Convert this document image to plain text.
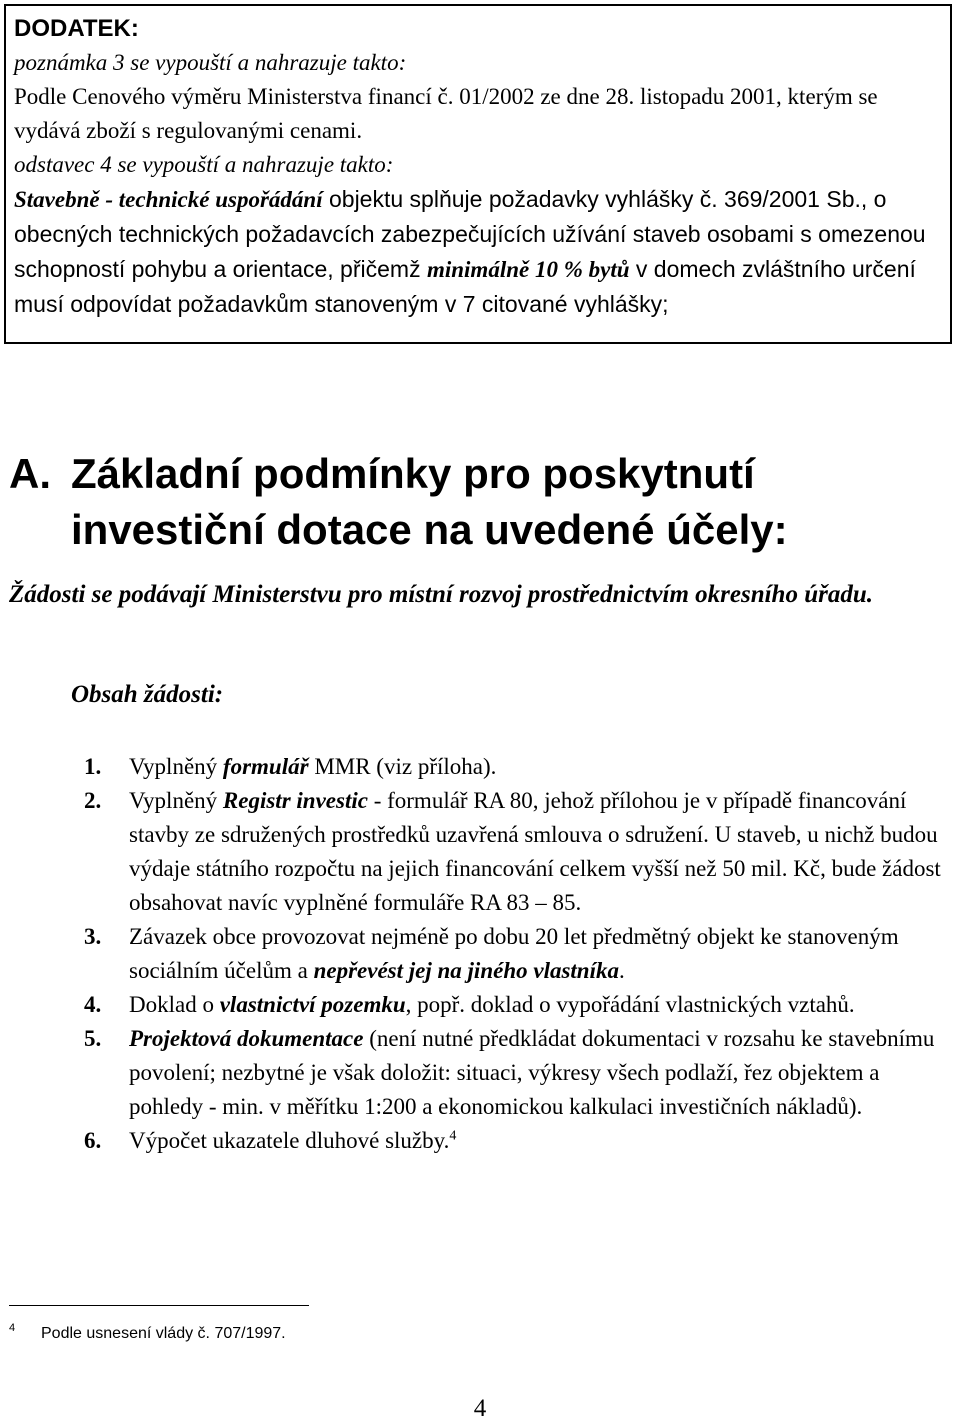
DODATEK:

poznámka 3 se vypouští a nahrazuje takto:

Podle Cenového výměru Ministerstva financí č. 01/2002 ze dne 28. listopadu 2001, kterým se vydává zboží s regulovanými cenami.

odstavec 4 se vypouští a nahrazuje takto:

Stavebně - technické uspořádání objektu splňuje požadavky vyhlášky č. 369/2001 Sb., o obecných technických požadavcích zabezpečujících užívání staveb osobami s omezenou schopností pohybu a orientace, přičemž minimálně 10 % bytů v domech zvláštního určení musí odpovídat požadavkům stanoveným v 7 citované vyhlášky;

A. Základní podmínky pro poskytnutí investiční dotace na uvedené účely:
Žádosti se podávají Ministerstvu pro místní rozvoj prostřednictvím okresního úřadu.
Obsah žádosti:
1. Vyplněný formulář MMR (viz příloha).
2. Vyplněný Registr investic - formulář RA 80, jehož přílohou je v případě financování stavby ze sdružených prostředků uzavřená smlouva o sdružení. U staveb, u nichž budou výdaje státního rozpočtu na jejich financování celkem vyšší než 50 mil. Kč, bude žádost obsahovat navíc vyplněné formuláře RA 83 – 85.
3. Závazek obce provozovat nejméně po dobu 20 let předmětný objekt ke stanoveným sociálním účelům a nepřevést jej na jiného vlastníka.
4. Doklad o vlastnictví pozemku, popř. doklad o vypořádání vlastnických vztahů.
5. Projektová dokumentace (není nutné předkládat dokumentaci v rozsahu ke stavebnímu povolení; nezbytné je však doložit: situaci, výkresy všech podlaží, řez objektem a pohledy - min. v měřítku 1:200 a ekonomickou kalkulaci investičních nákladů).
6. Výpočet ukazatele dluhové služby.$^4$
4 Podle usnesení vlády č. 707/1997.
4
